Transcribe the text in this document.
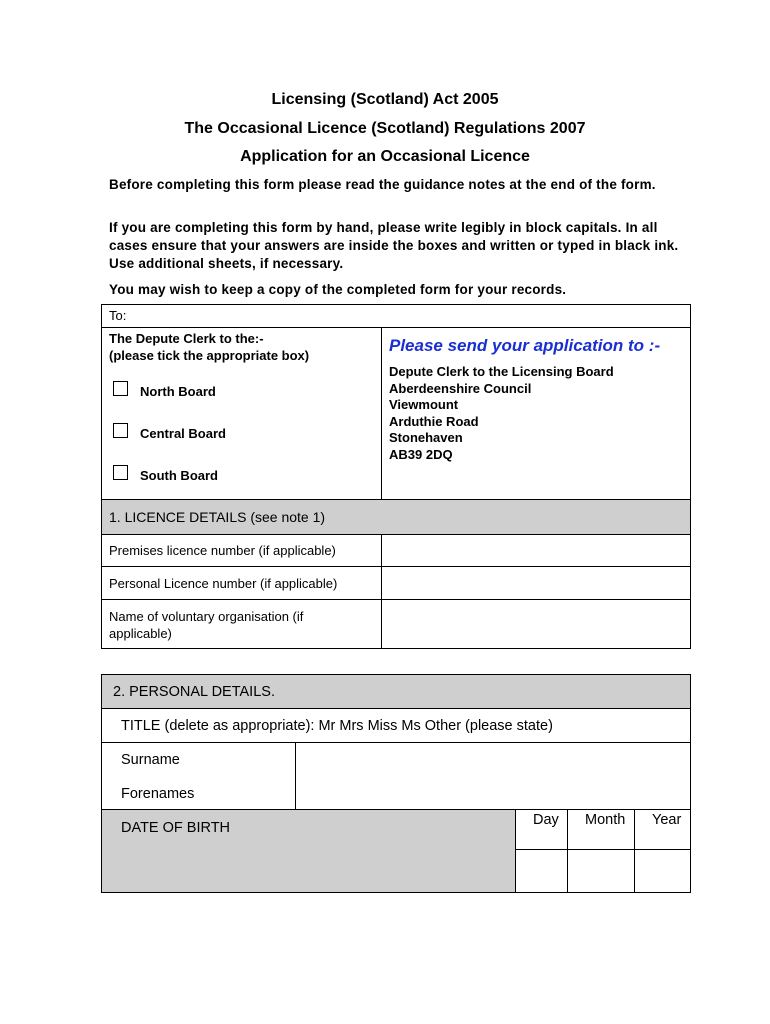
Licensing (Scotland) Act 2005
The Occasional Licence (Scotland) Regulations 2007
Application for an Occasional Licence
Before completing this form please read the guidance notes at the end of the form.
If you are completing this form by hand, please write legibly in block capitals. In all cases ensure that your answers are inside the boxes and written or typed in black ink. Use additional sheets, if necessary.
You may wish to keep a copy of the completed form for your records.
To:
The Depute Clerk to the:-
(please tick the appropriate box)
North Board
Central Board
South Board
Please send your application to :-
Depute Clerk to the Licensing Board
Aberdeenshire Council
Viewmount
Arduthie Road
Stonehaven
AB39 2DQ
1. LICENCE DETAILS (see note 1)
Premises licence number (if applicable)
Personal Licence number (if applicable)
Name of voluntary organisation (if applicable)
2. PERSONAL DETAILS.
TITLE (delete as appropriate): Mr Mrs Miss Ms Other (please state)
Surname
Forenames
DATE OF BIRTH	Day Month Year
